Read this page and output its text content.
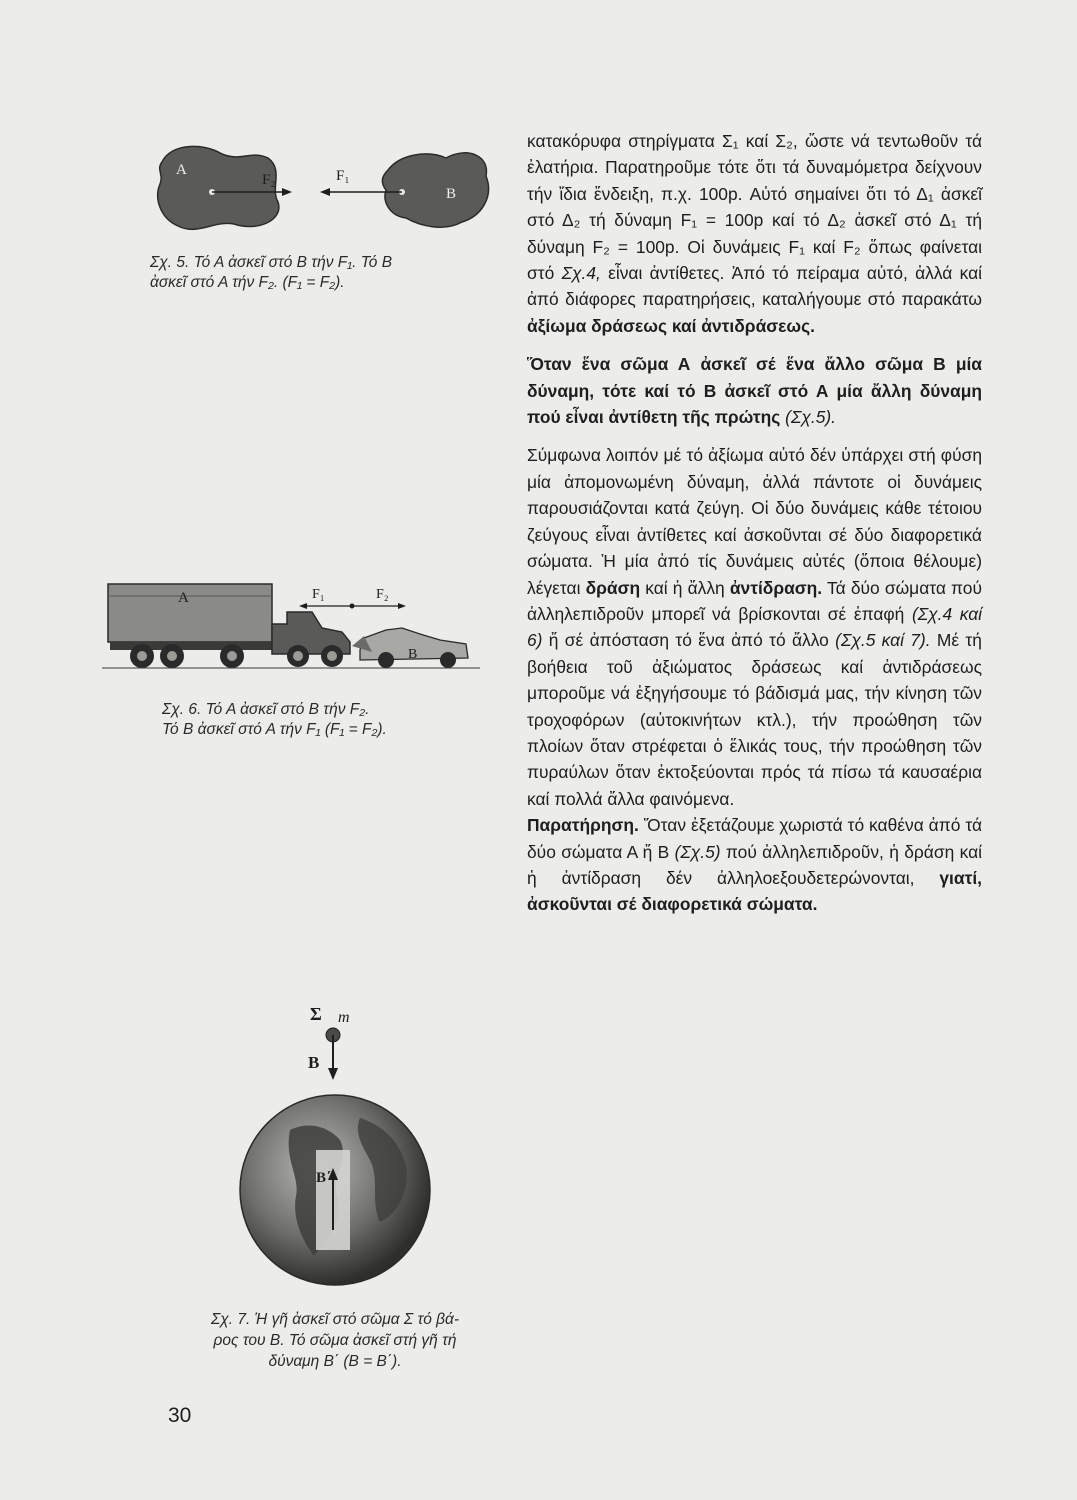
A
B
F₂	F₁
Σχ. 5. Τό Α ἀσκεῖ στό Β τήν F₁. Τό Β
ἀσκεῖ στό Α τήν F₂. (F₁ = F₂).
A
B
F₁	F₂
Σχ. 6. Τό Α ἀσκεῖ στό Β τήν F₂.
Τό Β ἀσκεῖ στό Α τήν F₁ (F₁ = F₂).
Σ m
B
B΄
Σχ. 7. Ἡ γῆ ἀσκεῖ στό σῶμα Σ τό βά-
ρος του Β. Τό σῶμα ἀσκεῖ στή γῆ τή
δύναμη Β΄ (Β = Β΄).

κατακόρυφα στηρίγματα Σ₁ καί Σ₂, ὥστε νά τεντωθοῦν τά ἐλατήρια. Παρατηροῦμε τότε ὅτι τά δυναμόμετρα δείχνουν τήν ἴδια ἔνδειξη, π.χ. 100p. Αὐτό σημαίνει ὅτι τό Δ₁ ἀσκεῖ στό Δ₂ τή δύναμη F₁ = 100p καί τό Δ₂ ἀσκεῖ στό Δ₁ τή δύναμη F₂ = 100p. Οἱ δυνάμεις F₁ καί F₂ ὅπως φαίνεται στό Σχ.4, εἶναι ἀντίθετες. Ἀπό τό πείραμα αὐτό, ἀλλά καί ἀπό διάφορες παρατηρήσεις, καταλήγουμε στό παρακάτω ἀξίωμα δράσεως καί ἀντιδράσεως.

Ὅταν ἕνα σῶμα Α ἀσκεῖ σέ ἕνα ἄλλο σῶμα Β μία δύναμη, τότε καί τό Β ἀσκεῖ στό Α μία ἄλλη δύναμη πού εἶναι ἀντίθετη τῆς πρώτης (Σχ.5).

Σύμφωνα λοιπόν μέ τό ἀξίωμα αὐτό δέν ὑπάρχει στή φύση μία ἀπομονωμένη δύναμη, ἀλλά πάντοτε οἱ δυνάμεις παρουσιάζονται κατά ζεύγη. Οἱ δύο δυνάμεις κάθε τέτοιου ζεύγους εἶναι ἀντίθετες καί ἀσκοῦνται σέ δύο διαφορετικά σώματα. Ἡ μία ἀπό τίς δυνάμεις αὐτές (ὅποια θέλουμε) λέγεται δράση καί ἡ ἄλλη ἀντίδραση. Τά δύο σώματα πού ἀλληλεπιδροῦν μπορεῖ νά βρίσκονται σέ ἐπαφή (Σχ.4 καί 6) ἤ σέ ἀπόσταση τό ἕνα ἀπό τό ἄλλο (Σχ.5 καί 7). Μέ τή βοήθεια τοῦ ἀξιώματος δράσεως καί ἀντιδράσεως μποροῦμε νά ἐξηγήσουμε τό βάδισμά μας, τήν κίνηση τῶν τροχοφόρων (αὐτοκινήτων κτλ.), τήν προώθηση τῶν πλοίων ὅταν στρέφεται ὁ ἕλικάς τους, τήν προώθηση τῶν πυραύλων ὅταν ἐκτοξεύονται πρός τά πίσω τά καυσαέρια καί πολλά ἄλλα φαινόμενα.

Παρατήρηση. Ὅταν ἐξετάζουμε χωριστά τό καθένα ἀπό τά δύο σώματα Α ἤ Β (Σχ.5) πού ἀλληλεπιδροῦν, ἡ δράση καί ἡ ἀντίδραση δέν ἀλληλοεξουδετερώνονται, γιατί, ἀσκοῦνται σέ διαφορετικά σώματα.

30
